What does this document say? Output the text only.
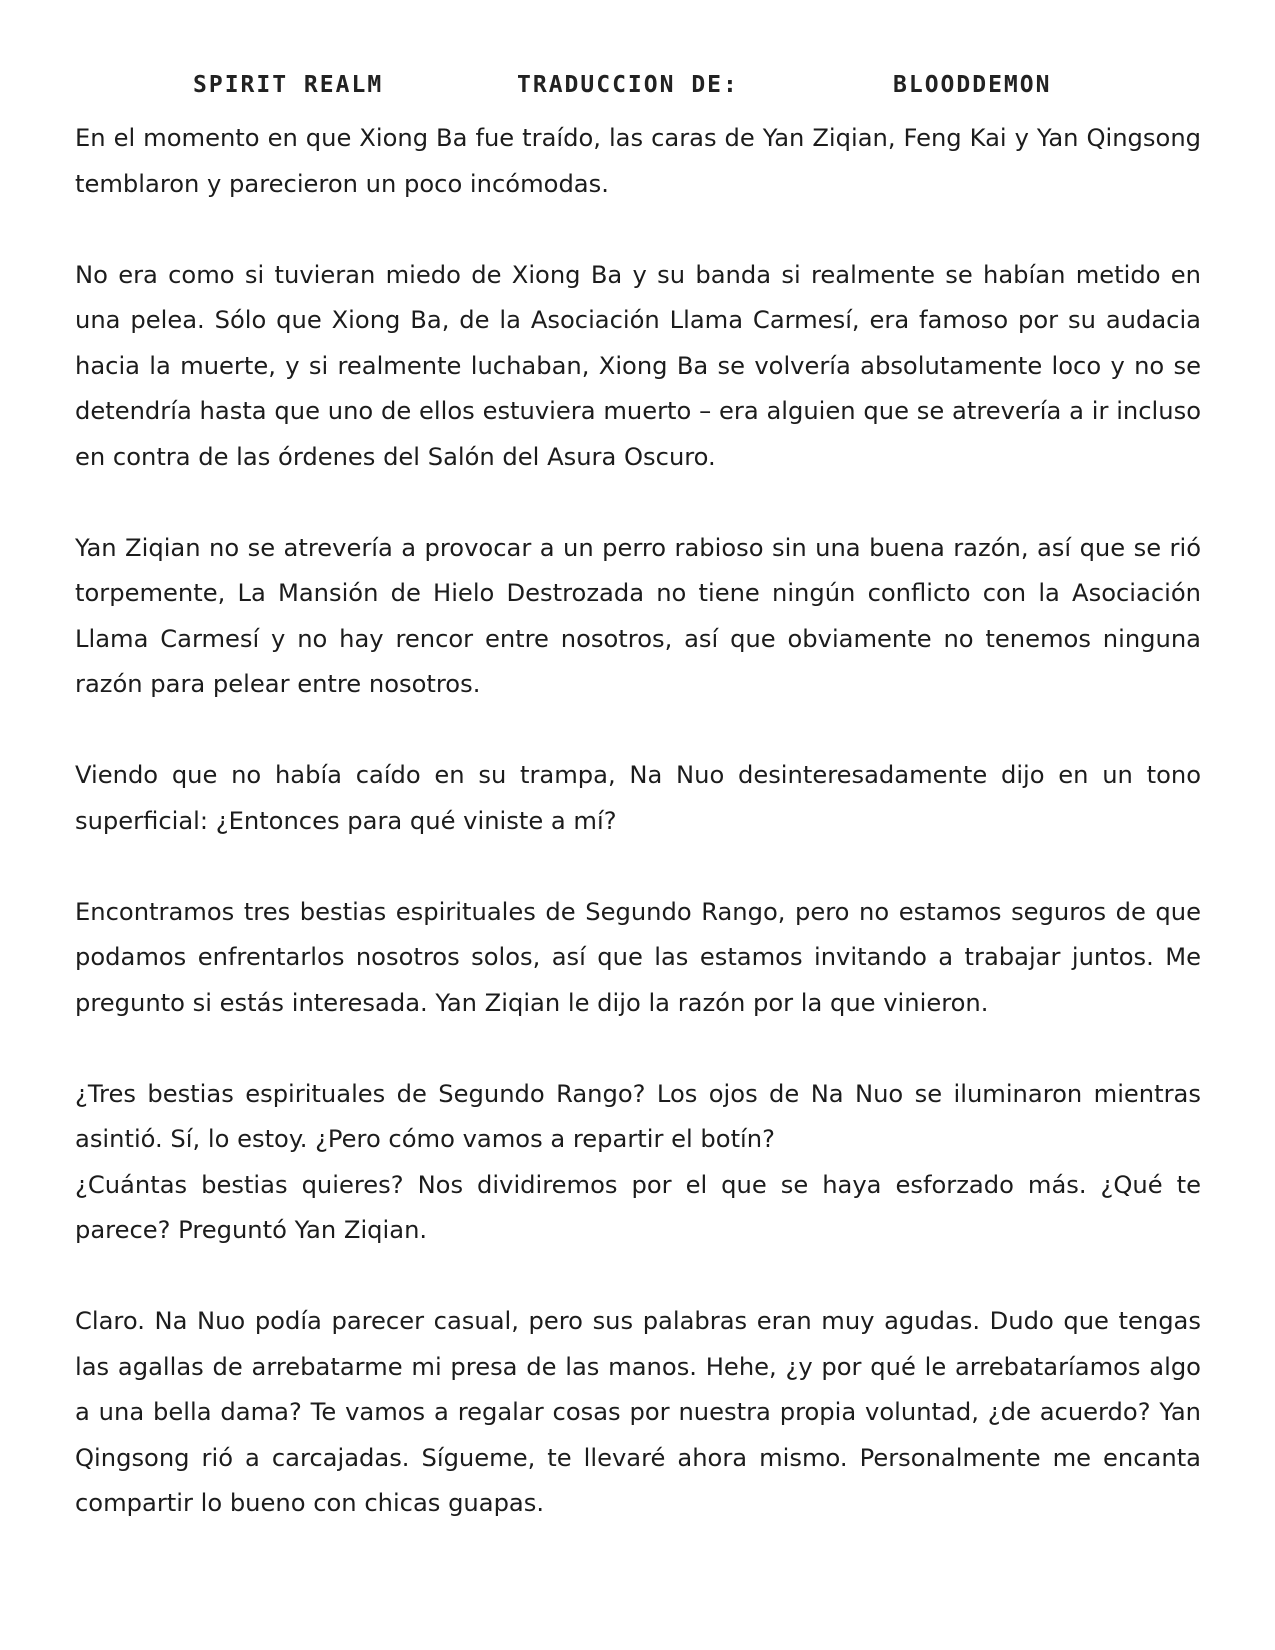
SPIRIT REALM	TRADUCCION DE:	BLOODDEMON

En el momento en que Xiong Ba fue traído, las caras de Yan Ziqian, Feng Kai y Yan Qingsong temblaron y parecieron un poco incómodas.

No era como si tuvieran miedo de Xiong Ba y su banda si realmente se habían metido en una pelea. Sólo que Xiong Ba, de la Asociación Llama Carmesí, era famoso por su audacia hacia la muerte, y si realmente luchaban, Xiong Ba se volvería absolutamente loco y no se detendría hasta que uno de ellos estuviera muerto – era alguien que se atrevería a ir incluso en contra de las órdenes del Salón del Asura Oscuro.

Yan Ziqian no se atrevería a provocar a un perro rabioso sin una buena razón, así que se rió torpemente, La Mansión de Hielo Destrozada no tiene ningún conflicto con la Asociación Llama Carmesí y no hay rencor entre nosotros, así que obviamente no tenemos ninguna razón para pelear entre nosotros.

Viendo que no había caído en su trampa, Na Nuo desinteresadamente dijo en un tono superficial: ¿Entonces para qué viniste a mí?

Encontramos tres bestias espirituales de Segundo Rango, pero no estamos seguros de que podamos enfrentarlos nosotros solos, así que las estamos invitando a trabajar juntos. Me pregunto si estás interesada. Yan Ziqian le dijo la razón por la que vinieron.

¿Tres bestias espirituales de Segundo Rango? Los ojos de Na Nuo se iluminaron mientras asintió. Sí, lo estoy. ¿Pero cómo vamos a repartir el botín?

¿Cuántas bestias quieres? Nos dividiremos por el que se haya esforzado más. ¿Qué te parece? Preguntó Yan Ziqian.

Claro. Na Nuo podía parecer casual, pero sus palabras eran muy agudas. Dudo que tengas las agallas de arrebatarme mi presa de las manos. Hehe, ¿y por qué le arrebataríamos algo a una bella dama? Te vamos a regalar cosas por nuestra propia voluntad, ¿de acuerdo? Yan Qingsong rió a carcajadas. Sígueme, te llevaré ahora mismo. Personalmente me encanta compartir lo bueno con chicas guapas.
